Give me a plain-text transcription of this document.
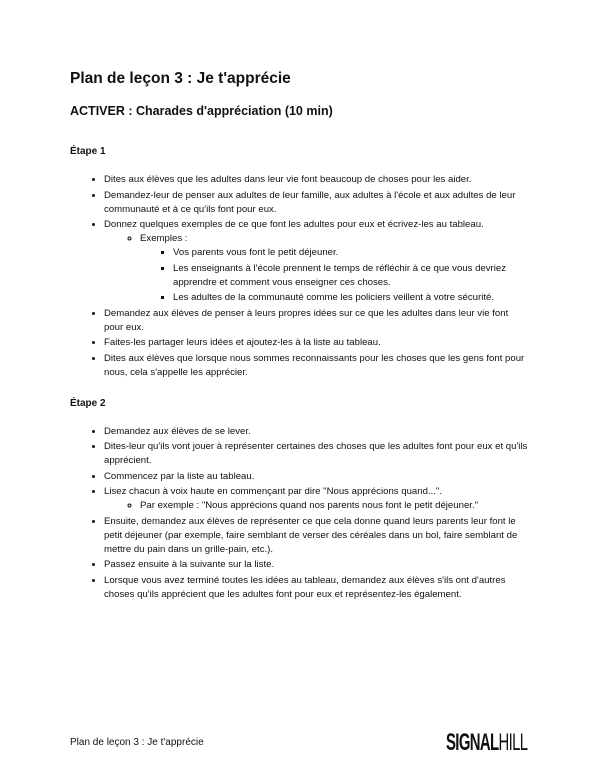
Plan de leçon 3 : Je t'apprécie
ACTIVER : Charades d'appréciation (10 min)
Étape 1
• Dites aux élèves que les adultes dans leur vie font beaucoup de choses pour les aider.
• Demandez-leur de penser aux adultes de leur famille, aux adultes à l'école et aux adultes de leur communauté et à ce qu'ils font pour eux.
• Donnez quelques exemples de ce que font les adultes pour eux et écrivez-les au tableau.
◦ Exemples :
▪ Vos parents vous font le petit déjeuner.
▪ Les enseignants à l'école prennent le temps de réfléchir à ce que vous devriez apprendre et comment vous enseigner ces choses.
▪ Les adultes de la communauté comme les policiers veillent à votre sécurité.
• Demandez aux élèves de penser à leurs propres idées sur ce que les adultes dans leur vie font pour eux.
• Faites-les partager leurs idées et ajoutez-les à la liste au tableau.
• Dites aux élèves que lorsque nous sommes reconnaissants pour les choses que les gens font pour nous, cela s'appelle les apprécier.
Étape 2
• Demandez aux élèves de se lever.
• Dites-leur qu'ils vont jouer à représenter certaines des choses que les adultes font pour eux et qu'ils apprécient.
• Commencez par la liste au tableau.
• Lisez chacun à voix haute en commençant par dire "Nous apprécions quand...".
◦ Par exemple : "Nous apprécions quand nos parents nous font le petit déjeuner."
• Ensuite, demandez aux élèves de représenter ce que cela donne quand leurs parents leur font le petit déjeuner (par exemple, faire semblant de verser des céréales dans un bol, faire semblant de mettre du pain dans un grille-pain, etc.).
• Passez ensuite à la suivante sur la liste.
• Lorsque vous avez terminé toutes les idées au tableau, demandez aux élèves s'ils ont d'autres choses qu'ils apprécient que les adultes font pour eux et représentez-les également.
Plan de leçon 3 : Je t'apprécie	SIGNALHILL
